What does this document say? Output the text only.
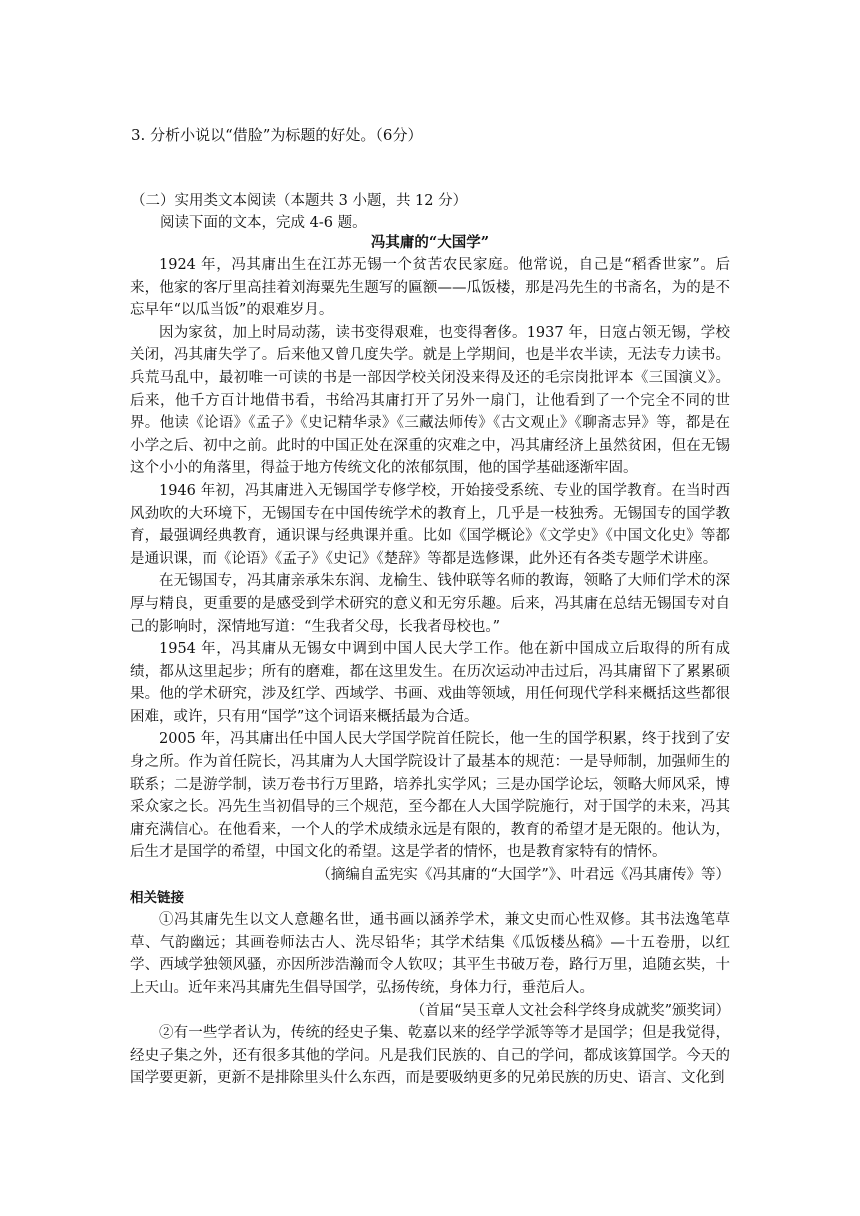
3. 分析小说以“借脸”为标题的好处。（6分）
（二）实用类文本阅读（本题共 3 小题，共 12 分）
阅读下面的文本，完成 4-6 题。
冯其庸的“大国学”

1924 年，冯其庸出生在江苏无锡一个贫苦农民家庭。他常说，自己是“稻香世家”。后来，他家的客厅里高挂着刘海粟先生题写的匾额——瓜饭楼，那是冯先生的书斋名，为的是不忘早年“以瓜当饭”的艰难岁月。

因为家贫，加上时局动荡，读书变得艰难，也变得奢侈。1937 年，日寇占领无锡，学校关闭，冯其庸失学了。后来他又曾几度失学。就是上学期间，也是半农半读，无法专力读书。兵荒马乱中，最初唯一可读的书是一部因学校关闭没来得及还的毛宗岗批评本《三国演义》。后来，他千方百计地借书看，书给冯其庸打开了另外一扇门，让他看到了一个完全不同的世界。他读《论语》《孟子》《史记精华录》《三藏法师传》《古文观止》《聊斋志异》等，都是在小学之后、初中之前。此时的中国正处在深重的灾难之中，冯其庸经济上虽然贫困，但在无锡这个小小的角落里，得益于地方传统文化的浓郁氛围，他的国学基础逐渐牢固。

1946 年初，冯其庸进入无锡国学专修学校，开始接受系统、专业的国学教育。在当时西风劲吹的大环境下，无锡国专在中国传统学术的教育上，几乎是一枝独秀。无锡国专的国学教育，最强调经典教育，通识课与经典课并重。比如《国学概论》《文学史》《中国文化史》等都是通识课，而《论语》《孟子》《史记》《楚辞》等都是选修课，此外还有各类专题学术讲座。

在无锡国专，冯其庸亲承朱东润、龙榆生、钱仲联等名师的教诲，领略了大师们学术的深厚与精良，更重要的是感受到学术研究的意义和无穷乐趣。后来，冯其庸在总结无锡国专对自己的影响时，深情地写道：“生我者父母，长我者母校也。”

1954 年，冯其庸从无锡女中调到中国人民大学工作。他在新中国成立后取得的所有成绩，都从这里起步；所有的磨难，都在这里发生。在历次运动冲击过后，冯其庸留下了累累硕果。他的学术研究，涉及红学、西域学、书画、戏曲等领域，用任何现代学科来概括这些都很困难，或许，只有用“国学”这个词语来概括最为合适。

2005 年，冯其庸出任中国人民大学国学院首任院长，他一生的国学积累，终于找到了安身之所。作为首任院长，冯其庸为人大国学院设计了最基本的规范：一是导师制，加强师生的联系；二是游学制，读万卷书行万里路，培养扎实学风；三是办国学论坛，领略大师风采，博采众家之长。冯先生当初倡导的三个规范，至今都在人大国学院施行，对于国学的未来，冯其庸充满信心。在他看来，一个人的学术成绩永远是有限的，教育的希望才是无限的。他认为，后生才是国学的希望，中国文化的希望。这是学者的情怀，也是教育家特有的情怀。

（摘编自孟宪实《冯其庸的“大国学”》、叶君远《冯其庸传》等）

相关链接

①冯其庸先生以文人意趣名世，通书画以涵养学术，兼文史而心性双修。其书法逸笔草草、气韵幽远；其画卷师法古人、洗尽铅华；其学术结集《瓜饭楼丛稿》—十五卷册，以红学、西域学独领风骚，亦因所涉浩瀚而令人钦叹；其平生书破万卷，路行万里，追随玄奘，十上天山。近年来冯其庸先生倡导国学，弘扬传统，身体力行，垂范后人。

（首届“吴玉章人文社会科学终身成就奖”颁奖词）

②有一些学者认为，传统的经史子集、乾嘉以来的经学学派等等才是国学；但是我觉得，经史子集之外，还有很多其他的学问。凡是我们民族的、自己的学问，都成该算国学。今天的国学要更新，更新不是排除里头什么东西，而是要吸纳更多的兄弟民族的历史、语言、文化到
